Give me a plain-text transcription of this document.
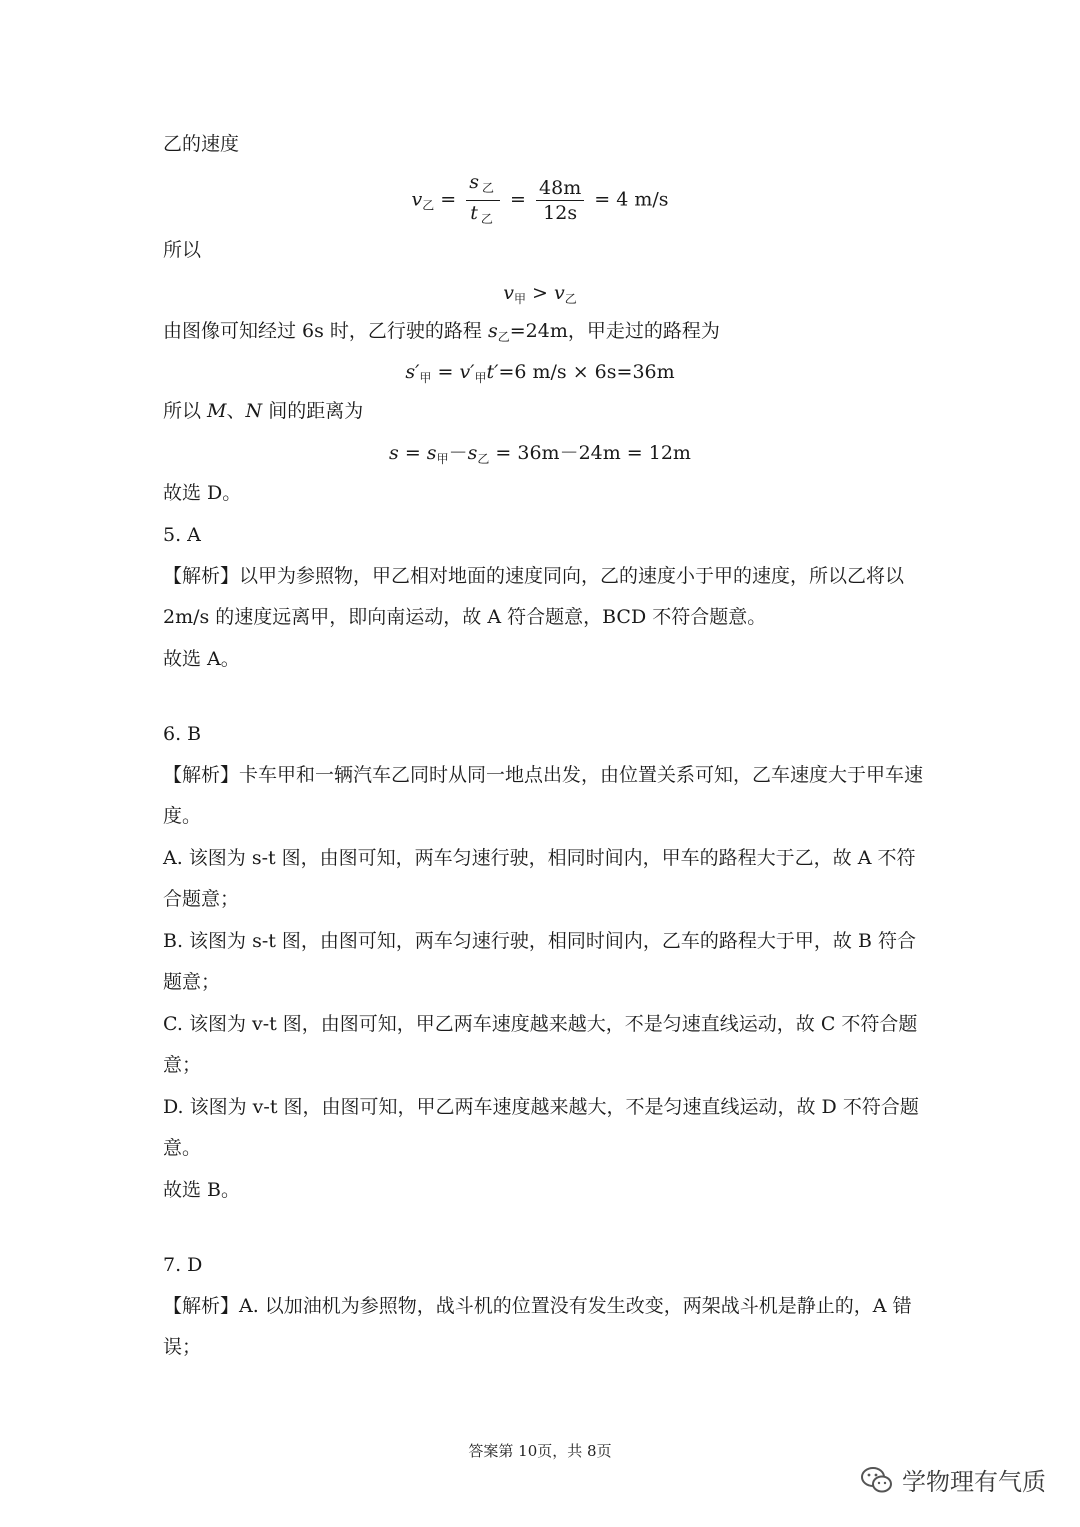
乙的速度
$v_乙 = \frac{s _乙}{t _乙} = \frac{48m}{12s} = 4$ m/s
所以
$v_甲 > v_乙$
由图像可知经过 6s 时，乙行驶的路程 $s_乙=24m$，甲走过的路程为
$s'_甲 = v'_甲t'=6$ m/s × 6s=36m
所以 M、N 间的距离为
$s = s_甲-s_乙 = 36m-24m = 12m$
故选 D。
5. A
【解析】以甲为参照物，甲乙相对地面的速度同向，乙的速度小于甲的速度，所以乙将以
2m/s 的速度远离甲，即向南运动，故 A 符合题意，BCD 不符合题意。
故选 A。
6. B
【解析】卡车甲和一辆汽车乙同时从同一地点出发，由位置关系可知，乙车速度大于甲车速
度。
A. 该图为 s-t 图，由图可知，两车匀速行驶，相同时间内，甲车的路程大于乙，故 A 不符
合题意；
B. 该图为 s-t 图，由图可知，两车匀速行驶，相同时间内，乙车的路程大于甲，故 B 符合
题意；
C. 该图为 v-t 图，由图可知，甲乙两车速度越来越大，不是匀速直线运动，故 C 不符合题
意；
D. 该图为 v-t 图，由图可知，甲乙两车速度越来越大，不是匀速直线运动，故 D 不符合题
意。
故选 B。
7. D
【解析】A. 以加油机为参照物，战斗机的位置没有发生改变，两架战斗机是静止的，A 错
误；
答案第 10页，共 8页
学物理有气质
